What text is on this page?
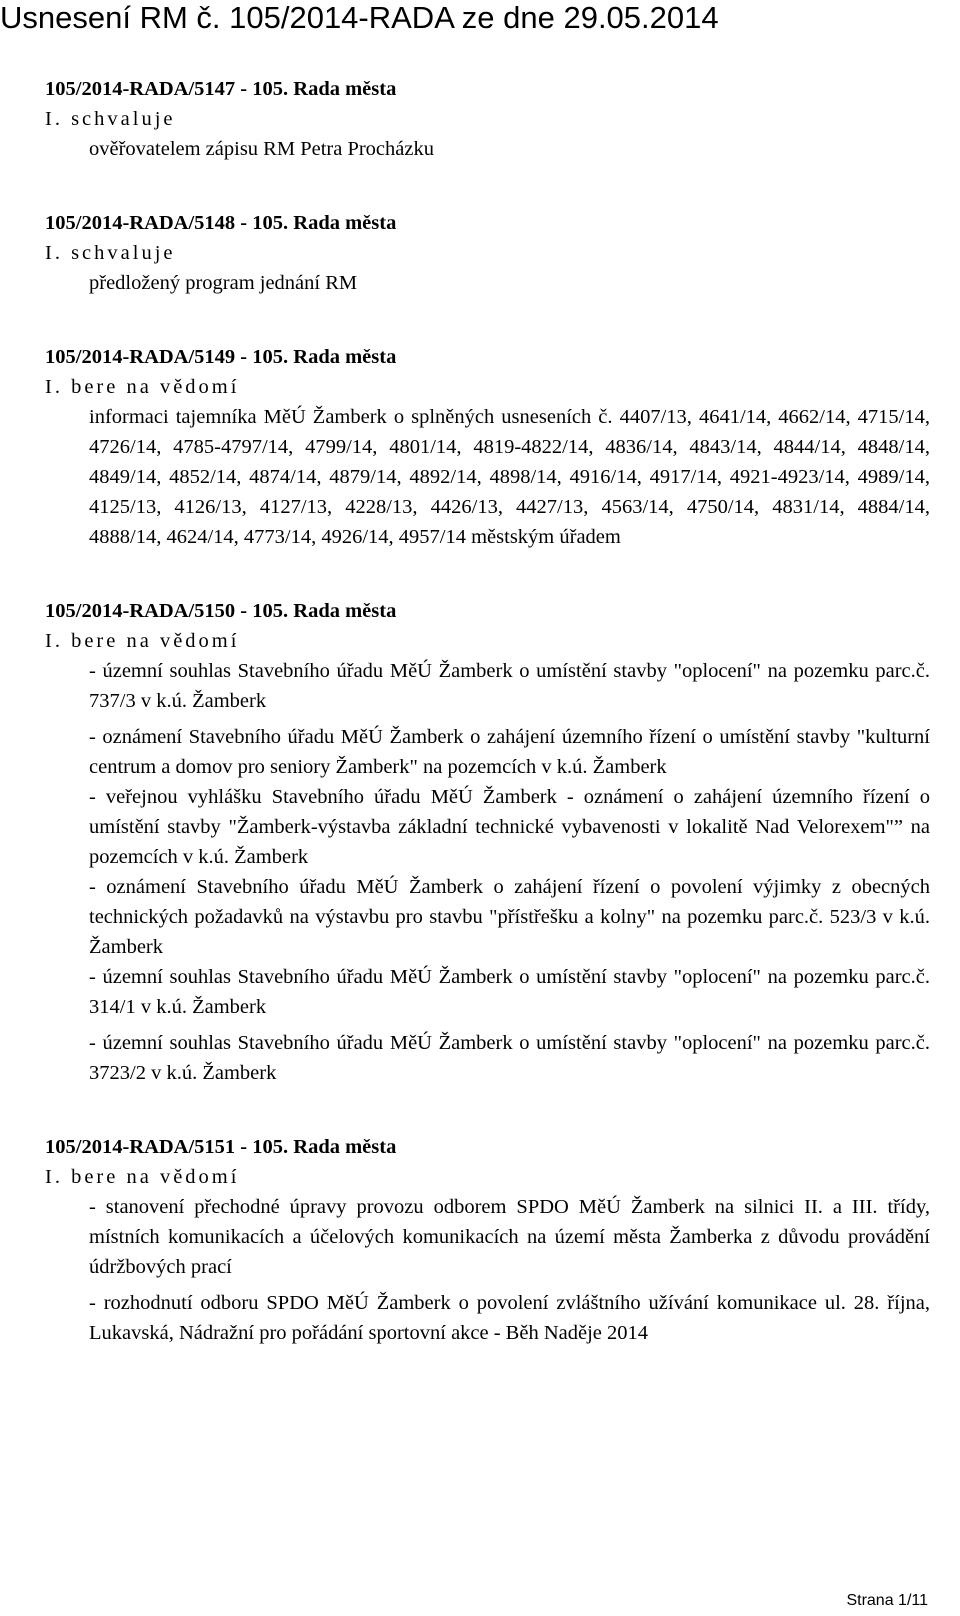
Usnesení RM č. 105/2014-RADA ze dne 29.05.2014
105/2014-RADA/5147 - 105. Rada města
I. schvaluje
ověřovatelem zápisu RM Petra Procházku
105/2014-RADA/5148 - 105. Rada města
I. schvaluje
předložený program jednání RM
105/2014-RADA/5149 - 105. Rada města
I. bere na vědomí
informaci tajemníka MěÚ Žamberk o splněných usneseních č. 4407/13, 4641/14, 4662/14, 4715/14, 4726/14, 4785-4797/14, 4799/14, 4801/14, 4819-4822/14, 4836/14, 4843/14, 4844/14, 4848/14, 4849/14, 4852/14, 4874/14, 4879/14, 4892/14, 4898/14, 4916/14, 4917/14, 4921-4923/14, 4989/14, 4125/13, 4126/13, 4127/13, 4228/13, 4426/13, 4427/13, 4563/14, 4750/14, 4831/14, 4884/14, 4888/14, 4624/14, 4773/14, 4926/14, 4957/14 městským úřadem
105/2014-RADA/5150 - 105. Rada města
I. bere na vědomí
- územní souhlas Stavebního úřadu MěÚ Žamberk o umístění stavby "oplocení" na pozemku parc.č. 737/3 v k.ú. Žamberk
- oznámení Stavebního úřadu MěÚ Žamberk o zahájení územního řízení o umístění stavby "kulturní centrum a domov pro seniory Žamberk" na pozemcích v k.ú. Žamberk
- veřejnou vyhlášku Stavebního úřadu MěÚ Žamberk - oznámení o zahájení územního řízení o umístění stavby "Žamberk-výstavba základní technické vybavenosti v lokalitě Nad Velorexem"” na pozemcích v k.ú. Žamberk
- oznámení Stavebního úřadu MěÚ Žamberk o zahájení řízení o povolení výjimky z obecných technických požadavků na výstavbu pro stavbu "přístřešku a kolny" na pozemku parc.č. 523/3 v k.ú. Žamberk
- územní souhlas Stavebního úřadu MěÚ Žamberk o umístění stavby "oplocení" na pozemku parc.č. 314/1 v k.ú. Žamberk
- územní souhlas Stavebního úřadu MěÚ Žamberk o umístění stavby "oplocení" na pozemku parc.č. 3723/2 v k.ú. Žamberk
105/2014-RADA/5151 - 105. Rada města
I. bere na vědomí
- stanovení přechodné úpravy provozu odborem SPDO MěÚ Žamberk na silnici II. a III. třídy, místních komunikacích a účelových komunikacích na území města Žamberka z důvodu provádění údržbových prací
- rozhodnutí odboru SPDO MěÚ Žamberk o povolení zvláštního užívání komunikace ul. 28. října, Lukavská, Nádražní pro pořádání sportovní akce - Běh Naděje 2014
Strana 1/11
